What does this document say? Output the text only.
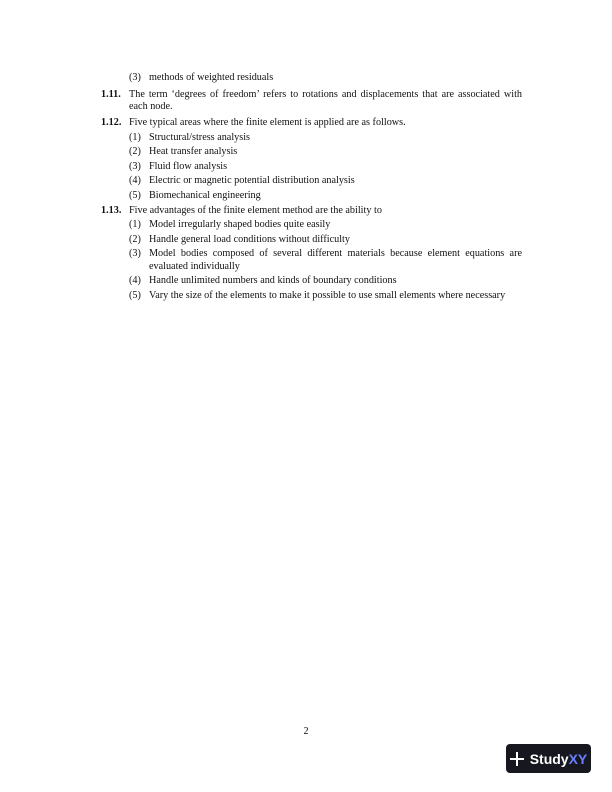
(3) methods of weighted residuals
1.11. The term ‘degrees of freedom’ refers to rotations and displacements that are associated with each node.
1.12. Five typical areas where the finite element is applied are as follows.
(1) Structural/stress analysis
(2) Heat transfer analysis
(3) Fluid flow analysis
(4) Electric or magnetic potential distribution analysis
(5) Biomechanical engineering
1.13. Five advantages of the finite element method are the ability to
(1) Model irregularly shaped bodies quite easily
(2) Handle general load conditions without difficulty
(3) Model bodies composed of several different materials because element equations are evaluated individually
(4) Handle unlimited numbers and kinds of boundary conditions
(5) Vary the size of the elements to make it possible to use small elements where necessary
2
StudyXY
